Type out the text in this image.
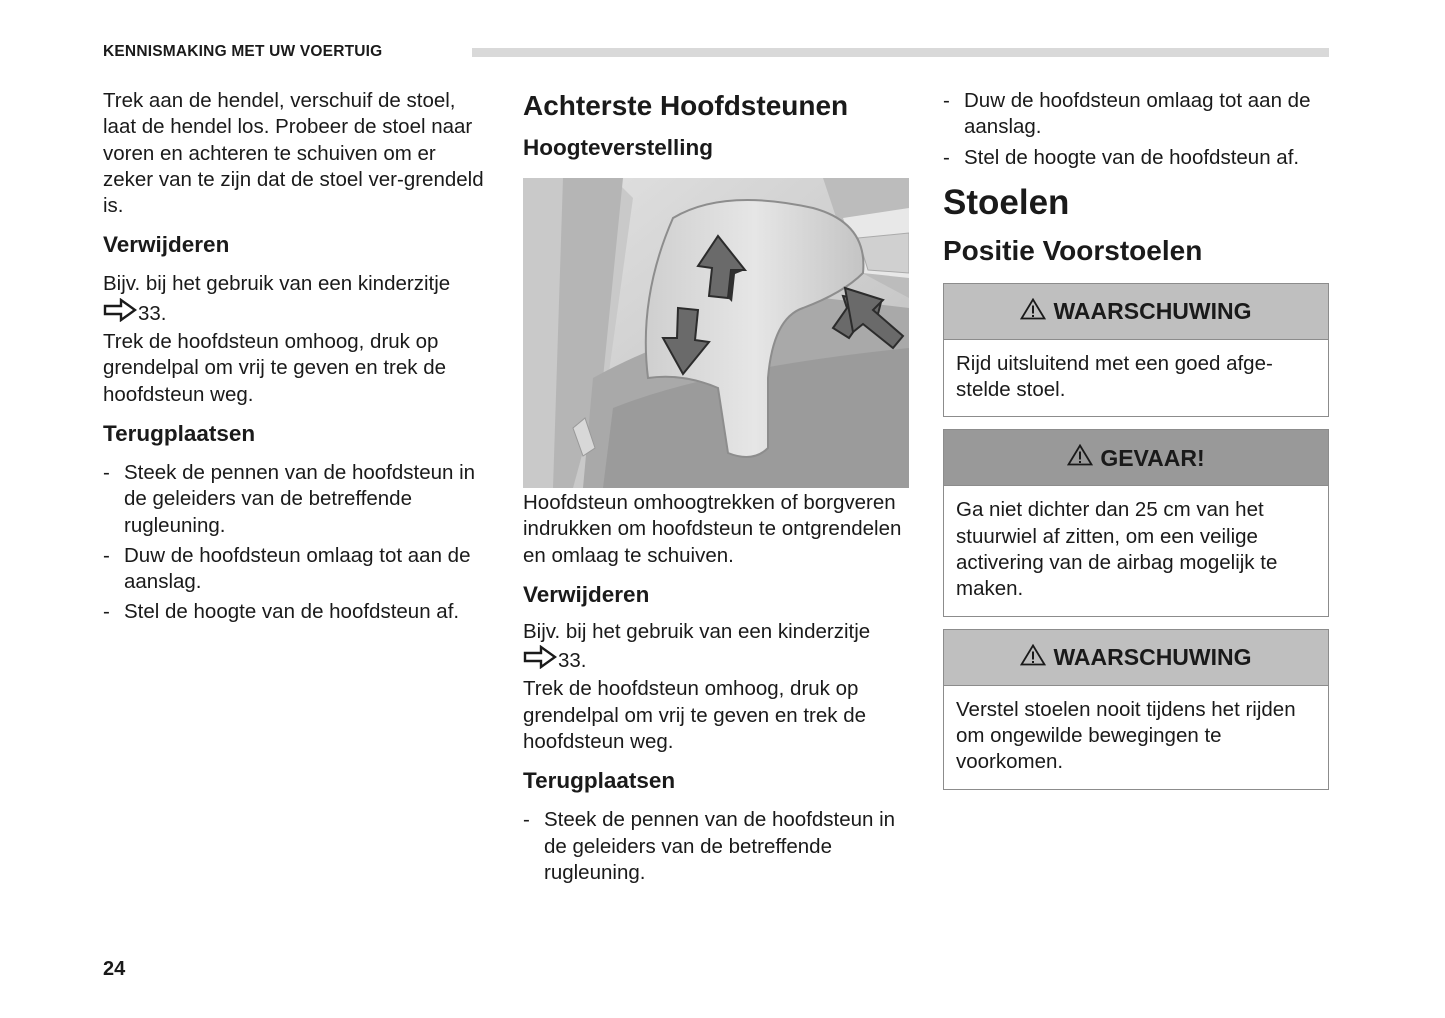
KENNISMAKING MET UW VOERTUIG

Trek aan de hendel, verschuif de stoel, laat de hendel los. Probeer de stoel naar voren en achteren te schuiven om er zeker van te zijn dat de stoel ver-grendeld is.

Verwijderen

Bijv. bij het gebruik van een kinderzitje
33.

Trek de hoofdsteun omhoog, druk op grendelpal om vrij te geven en trek de hoofdsteun weg.

Terugplaatsen
- Steek de pennen van de hoofdsteun in de geleiders van de betreffende rugleuning.
- Duw de hoofdsteun omlaag tot aan de aanslag.
- Stel de hoogte van de hoofdsteun af.
Achterste Hoofdsteunen
Hoogteverstelling

Hoofdsteun omhoogtrekken of borgveren indrukken om hoofdsteun te ontgrendelen en omlaag te schuiven.

Verwijderen

Bijv. bij het gebruik van een kinderzitje
33.

Trek de hoofdsteun omhoog, druk op grendelpal om vrij te geven en trek de hoofdsteun weg.

Terugplaatsen
- Steek de pennen van de hoofdsteun in de geleiders van de betreffende rugleuning.
- Duw de hoofdsteun omlaag tot aan de aanslag.
- Stel de hoogte van de hoofdsteun af.
Stoelen
Positie Voorstoelen
WAARSCHUWING
Rijd uitsluitend met een goed afge-stelde stoel.
GEVAAR!
Ga niet dichter dan 25 cm van het stuurwiel af zitten, om een veilige activering van de airbag mogelijk te maken.
WAARSCHUWING
Verstel stoelen nooit tijdens het rijden om ongewilde bewegingen te voorkomen.
24
